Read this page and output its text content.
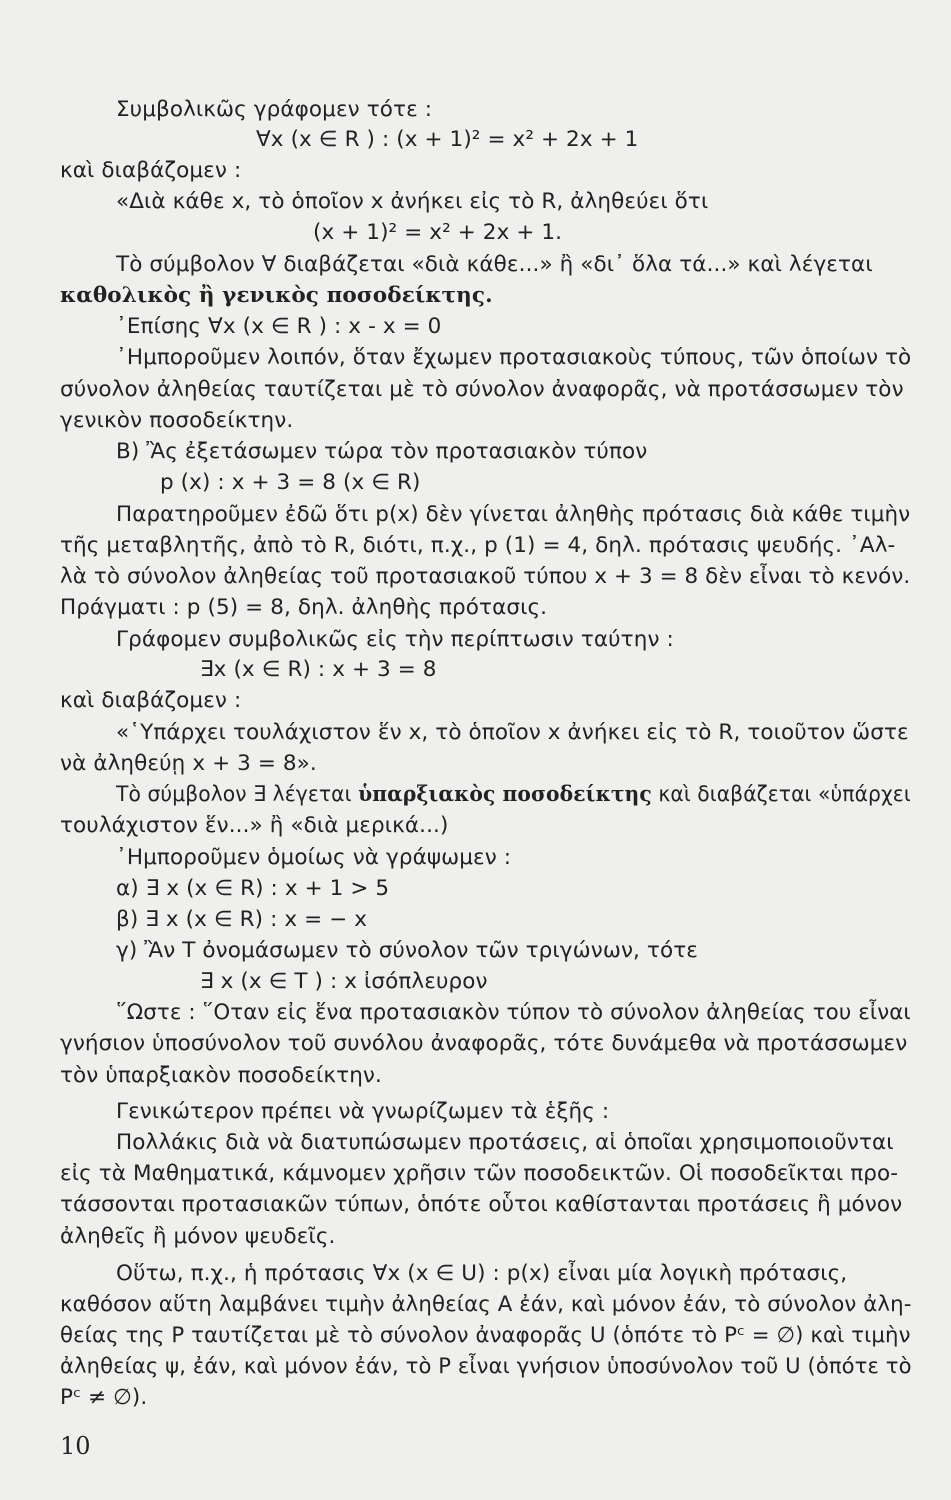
Συμβολικῶς γράφομεν τότε :
∀x (x ∈ R ) : (x + 1)² = x² + 2x + 1
καὶ διαβάζομεν :
«Διὰ κάθε x, τὸ ὁποῖον x ἀνήκει εἰς τὸ R, ἀληθεύει ὅτι
(x + 1)² = x² + 2x + 1.
Τὸ σύμβολον ∀ διαβάζεται «διὰ κάθε...» ἢ «δι᾽ ὅλα τά...» καὶ λέγεται
καθολικὸς ἢ γενικὸς ποσοδείκτης.
᾽Επίσης ∀x (x ∈ R ) : x - x = 0
᾽Ημποροῦμεν λοιπόν, ὅταν ἔχωμεν προτασιακοὺς τύπους, τῶν ὁποίων τὸ
σύνολον ἀληθείας ταυτίζεται μὲ τὸ σύνολον ἀναφορᾶς, νὰ προτάσσωμεν τὸν
γενικὸν ποσοδείκτην.
Β) Ἂς ἐξετάσωμεν τώρα τὸν προτασιακὸν τύπον
p (x) : x + 3 = 8 (x ∈ R)
Παρατηροῦμεν ἐδῶ ὅτι p(x) δὲν γίνεται ἀληθὴς πρότασις διὰ κάθε τιμὴν
τῆς μεταβλητῆς, ἀπὸ τὸ R, διότι, π.χ., p (1) = 4, δηλ. πρότασις ψευδής. ᾽Αλ-
λὰ τὸ σύνολον ἀληθείας τοῦ προτασιακοῦ τύπου x + 3 = 8 δὲν εἶναι τὸ κενόν.
Πράγματι : p (5) = 8, δηλ. ἀληθὴς πρότασις.
Γράφομεν συμβολικῶς εἰς τὴν περίπτωσιν ταύτην :
∃x (x ∈ R) : x + 3 = 8
καὶ διαβάζομεν :
«῾Υπάρχει τουλάχιστον ἕν x, τὸ ὁποῖον x ἀνήκει εἰς τὸ R, τοιοῦτον ὥστε
νὰ ἀληθεύῃ x + 3 = 8».
Τὸ σύμβολον ∃ λέγεται ὑπαρξιακὸς ποσοδείκτης καὶ διαβάζεται «ὑπάρχει
τουλάχιστον ἕν...» ἢ «διὰ μερικά...)
᾽Ημποροῦμεν ὁμοίως νὰ γράψωμεν :
α) ∃ x (x ∈ R) : x + 1 > 5
β) ∃ x (x ∈ R) : x = − x
γ) Ἂν Τ ὀνομάσωμεν τὸ σύνολον τῶν τριγώνων, τότε
∃ x (x ∈ T ) : x ἰσόπλευρον
῞Ωστε : ῞Οταν εἰς ἕνα προτασιακὸν τύπον τὸ σύνολον ἀληθείας του εἶναι
γνήσιον ὑποσύνολον τοῦ συνόλου ἀναφορᾶς, τότε δυνάμεθα νὰ προτάσσωμεν
τὸν ὑπαρξιακὸν ποσοδείκτην.
Γενικώτερον πρέπει νὰ γνωρίζωμεν τὰ ἑξῆς :
Πολλάκις διὰ νὰ διατυπώσωμεν προτάσεις, αἱ ὁποῖαι χρησιμοποιοῦνται
εἰς τὰ Μαθηματικά, κάμνομεν χρῆσιν τῶν ποσοδεικτῶν. Οἱ ποσοδεῖκται προ-
τάσσονται προτασιακῶν τύπων, ὁπότε οὗτοι καθίστανται προτάσεις ἢ μόνον
ἀληθεῖς ἢ μόνον ψευδεῖς.
Οὕτω, π.χ., ἡ πρότασις ∀x (x ∈ U) : p(x) εἶναι μία λογικὴ πρότασις,
καθόσον αὕτη λαμβάνει τιμὴν ἀληθείας Α ἐάν, καὶ μόνον ἐάν, τὸ σύνολον ἀλη-
θείας της Ρ ταυτίζεται μὲ τὸ σύνολον ἀναφορᾶς U (ὁπότε τὸ Pᶜ = ∅) καὶ τιμὴν
ἀληθείας ψ, ἐάν, καὶ μόνον ἐάν, τὸ Ρ εἶναι γνήσιον ὑποσύνολον τοῦ U (ὁπότε τὸ
Pᶜ ≠ ∅).
10
